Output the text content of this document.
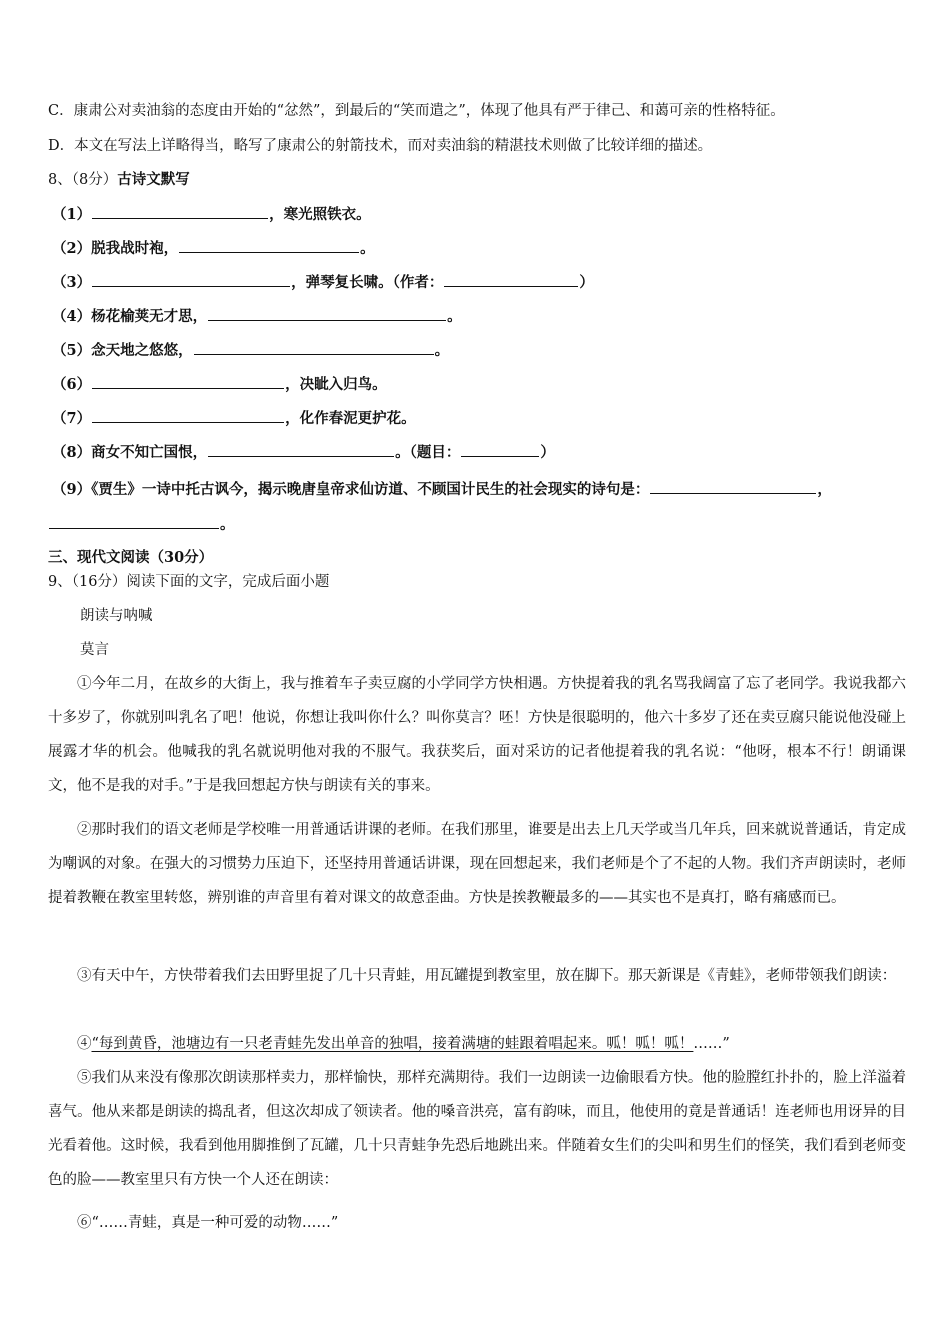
C．康肃公对卖油翁的态度由开始的“忿然”，到最后的“笑而遣之”，体现了他具有严于律己、和蔼可亲的性格特征。
D．本文在写法上详略得当，略写了康肃公的射箭技术，而对卖油翁的精湛技术则做了比较详细的描述。
8、（8分）古诗文默写
（1）	，寒光照铁衣。
（2）脱我战时袍，	。
（3）	，弹琴复长啸。（作者：	）
（4）杨花榆荚无才思，	。
（5）念天地之悠悠，	。
（6）	，决眦入归鸟。
（7）	，化作春泥更护花。
（8）商女不知亡国恨，	。（题目：	）
（9）《贾生》一诗中托古讽今，揭示晚唐皇帝求仙访道、不顾国计民生的社会现实的诗句是：	，
。
三、现代文阅读（30分）
9、（16分）阅读下面的文字，完成后面小题
朗读与呐喊
莫言
①今年二月，在故乡的大街上，我与推着车子卖豆腐的小学同学方快相遇。方快提着我的乳名骂我阔富了忘了老同学。我说我都六十多岁了，你就别叫乳名了吧！他说，你想让我叫你什么？叫你莫言？呸！方快是很聪明的，他六十多岁了还在卖豆腐只能说他没碰上展露才华的机会。他喊我的乳名就说明他对我的不服气。我获奖后，面对采访的记者他提着我的乳名说：“他呀，根本不行！朗诵课文，他不是我的对手。”于是我回想起方快与朗读有关的事来。
②那时我们的语文老师是学校唯一用普通话讲课的老师。在我们那里，谁要是出去上几天学或当几年兵，回来就说普通话，肯定成为嘲讽的对象。在强大的习惯势力压迫下，还坚持用普通话讲课，现在回想起来，我们老师是个了不起的人物。我们齐声朗读时，老师提着教鞭在教室里转悠，辨别谁的声音里有着对课文的故意歪曲。方快是挨教鞭最多的——其实也不是真打，略有痛感而已。
③有天中午，方快带着我们去田野里捉了几十只青蛙，用瓦罐提到教室里，放在脚下。那天新课是《青蛙》，老师带领我们朗读：
④“每到黄昏，池塘边有一只老青蛙先发出单音的独唱，接着满塘的蛙跟着唱起来。呱！呱！呱！……”
⑤我们从来没有像那次朗读那样卖力，那样愉快，那样充满期待。我们一边朗读一边偷眼看方快。他的脸膛红扑扑的，脸上洋溢着喜气。他从来都是朗读的捣乱者，但这次却成了领读者。他的嗓音洪亮，富有韵味，而且，他使用的竟是普通话！连老师也用讶异的目光看着他。这时候，我看到他用脚推倒了瓦罐，几十只青蛙争先恐后地跳出来。伴随着女生们的尖叫和男生们的怪笑，我们看到老师变色的脸——教室里只有方快一个人还在朗读：
⑥“……青蛙，真是一种可爱的动物……”
